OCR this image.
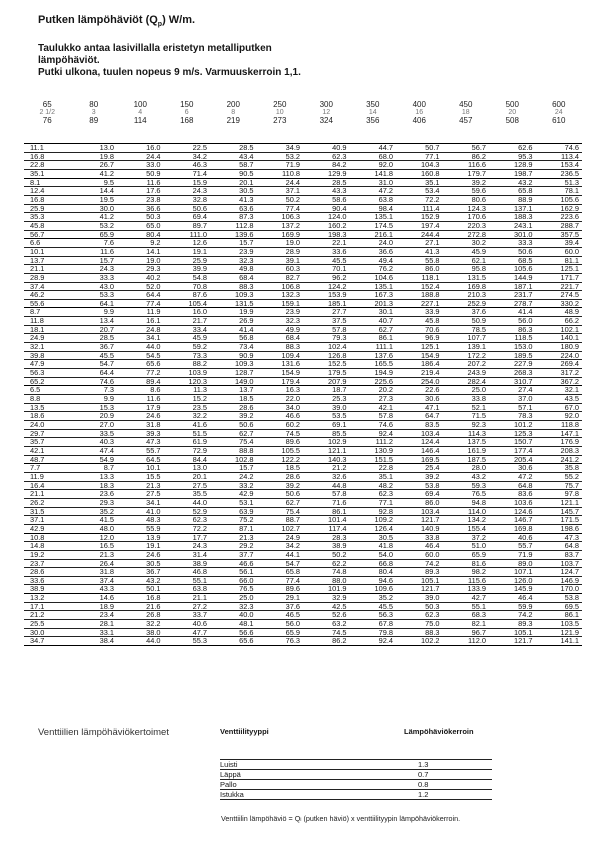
Putken lämpöhäviöt $(Q_p)$ W/m.
Taulukko antaa lasivillalla eristetyn metalliputken
lämpöhäviöt.
Putki ulkona, tuulen nopeus 9 m/s. Varmuuskerroin 1,1.
65	80	100	150	200	250	300	350	400	450	500	600
2 1/2	3	4	6	8	10	12	14	16	18	20	24
76	89	114	168	219	273	324	356	406	457	508	610
11.1	13.0	16.0	22.5	28.5	34.9	40.9	44.7	50.7	56.7	62.6	74.6
16.8	19.8	24.4	34.2	43.4	53.2	62.3	68.0	77.1	86.2	95.3	113.4
22.8	26.7	33.0	46.3	58.7	71.9	84.2	92.0	104.3	116.6	128.9	153.4
35.1	41.2	50.9	71.4	90.5	110.8	129.9	141.8	160.8	179.7	198.7	236.5
8.1	9.5	11.6	15.9	20.1	24.4	28.5	31.0	35.1	39.2	43.2	51.3
12.4	14.4	17.6	24.3	30.5	37.1	43.3	47.2	53.4	59.6	65.8	78.1
16.8	19.5	23.8	32.8	41.3	50.2	58.6	63.8	72.2	80.6	88.9	105.6
25.9	30.0	36.6	50.6	63.6	77.4	90.4	98.4	111.4	124.3	137.1	162.9
35.3	41.2	50.3	69.4	87.3	106.3	124.0	135.1	152.9	170.6	188.3	223.6
45.8	53.2	65.0	89.7	112.8	137.2	160.2	174.5	197.4	220.3	243.1	288.7
56.7	65.9	80.4	111.0	139.6	169.9	198.3	216.1	244.4	272.8	301.0	357.5
6.6	7.6	9.2	12.6	15.7	19.0	22.1	24.0	27.1	30.2	33.3	39.4
10.1	11.6	14.1	19.1	23.9	28.9	33.6	36.6	41.3	45.9	50.6	60.0
13.7	15.7	19.0	25.9	32.3	39.1	45.5	49.4	55.8	62.1	68.5	81.1
21.1	24.3	29.3	39.9	49.8	60.3	70.1	76.2	86.0	95.8	105.6	125.1
28.9	33.3	40.2	54.8	68.4	82.7	96.2	104.6	118.1	131.5	144.9	171.7
37.4	43.0	52.0	70.8	88.3	106.8	124.2	135.1	152.4	169.8	187.1	221.7
46.2	53.3	64.4	87.6	109.3	132.3	153.9	167.3	188.8	210.3	231.7	274.5
55.6	64.1	77.4	105.4	131.5	159.1	185.1	201.3	227.1	252.9	278.7	330.2
8.7	9.9	11.9	16.0	19.9	23.9	27.7	30.1	33.9	37.6	41.4	48.9
11.8	13.4	16.1	21.7	26.9	32.3	37.5	40.7	45.8	50.9	56.0	66.2
18.1	20.7	24.8	33.4	41.4	49.9	57.8	62.7	70.6	78.5	86.3	102.1
24.9	28.5	34.1	45.9	56.8	68.4	79.3	86.1	96.9	107.7	118.5	140.1
32.1	36.7	44.0	59.2	73.4	88.3	102.4	111.1	125.1	139.1	153.0	180.9
39.8	45.5	54.5	73.3	90.9	109.4	126.8	137.6	154.9	172.2	189.5	224.0
47.9	54.7	65.6	88.2	109.3	131.6	152.5	165.5	186.4	207.2	227.9	269.4
56.3	64.4	77.2	103.9	128.7	154.9	179.5	194.9	219.4	243.9	268.3	317.2
65.2	74.6	89.4	120.3	149.0	179.4	207.9	225.6	254.0	282.4	310.7	367.2
6.5	7.3	8.6	11.3	13.7	16.3	18.7	20.2	22.6	25.0	27.4	32.1
8.8	9.9	11.6	15.2	18.5	22.0	25.3	27.3	30.6	33.8	37.0	43.5
13.5	15.3	17.9	23.5	28.6	34.0	39.0	42.1	47.1	52.1	57.1	67.0
18.6	20.9	24.6	32.2	39.2	46.6	53.5	57.8	64.7	71.5	78.3	92.0
24.0	27.0	31.8	41.6	50.6	60.2	69.1	74.6	83.5	92.3	101.2	118.8
29.7	33.5	39.3	51.5	62.7	74.5	85.5	92.4	103.4	114.3	125.3	147.1
35.7	40.3	47.3	61.9	75.4	89.6	102.9	111.2	124.4	137.5	150.7	176.9
42.1	47.4	55.7	72.9	88.8	105.5	121.1	130.9	146.4	161.9	177.4	208.3
48.7	54.9	64.5	84.4	102.8	122.2	140.3	151.5	169.5	187.5	205.4	241.2
7.7	8.7	10.1	13.0	15.7	18.5	21.2	22.8	25.4	28.0	30.6	35.8
11.9	13.3	15.5	20.1	24.2	28.6	32.6	35.1	39.2	43.2	47.2	55.2
16.4	18.3	21.3	27.5	33.2	39.2	44.8	48.2	53.8	59.3	64.8	75.7
21.1	23.6	27.5	35.5	42.9	50.6	57.8	62.3	69.4	76.5	83.6	97.8
26.2	29.3	34.1	44.0	53.1	62.7	71.6	77.1	86.0	94.8	103.6	121.1
31.5	35.2	41.0	52.9	63.9	75.4	86.1	92.8	103.4	114.0	124.6	145.7
37.1	41.5	48.3	62.3	75.2	88.7	101.4	109.2	121.7	134.2	146.7	171.5
42.9	48.0	55.9	72.2	87.1	102.7	117.4	126.4	140.9	155.4	169.8	198.6
10.8	12.0	13.9	17.7	21.3	24.9	28.3	30.5	33.8	37.2	40.6	47.3
14.8	16.5	19.1	24.3	29.2	34.2	38.9	41.8	46.4	51.0	55.7	64.8
19.2	21.3	24.6	31.4	37.7	44.1	50.2	54.0	60.0	65.9	71.9	83.7
23.7	26.4	30.5	38.9	46.6	54.7	62.2	66.8	74.2	81.6	89.0	103.7
28.6	31.8	36.7	46.8	56.1	65.8	74.8	80.4	89.3	98.2	107.1	124.7
33.6	37.4	43.2	55.1	66.0	77.4	88.0	94.6	105.1	115.6	126.0	146.9
38.9	43.3	50.1	63.8	76.5	89.6	101.9	109.6	121.7	133.9	145.9	170.0
13.2	14.6	16.8	21.1	25.0	29.1	32.9	35.2	39.0	42.7	46.4	53.8
17.1	18.9	21.6	27.2	32.3	37.6	42.5	45.5	50.3	55.1	59.9	69.5
21.2	23.4	26.8	33.7	40.0	46.5	52.6	56.3	62.3	68.3	74.2	86.1
25.5	28.1	32.2	40.6	48.1	56.0	63.2	67.8	75.0	82.1	89.3	103.5
30.0	33.1	38.0	47.7	56.6	65.9	74.5	79.8	88.3	96.7	105.1	121.9
34.7	38.4	44.0	55.3	65.6	76.3	86.2	92.4	102.2	112.0	121.7	141.1
Venttiilien lämpöhäviökertoimet	Venttiilityyppi	Lämpöhäviökerroin
Luisti	1.3
Läppä	0.7
Pallo	0.8
Istukka	1.2
Venttiilin lämpöhäviö = Qₗ (putken häviö) x venttiilityypin lämpöhäviökerroin.
